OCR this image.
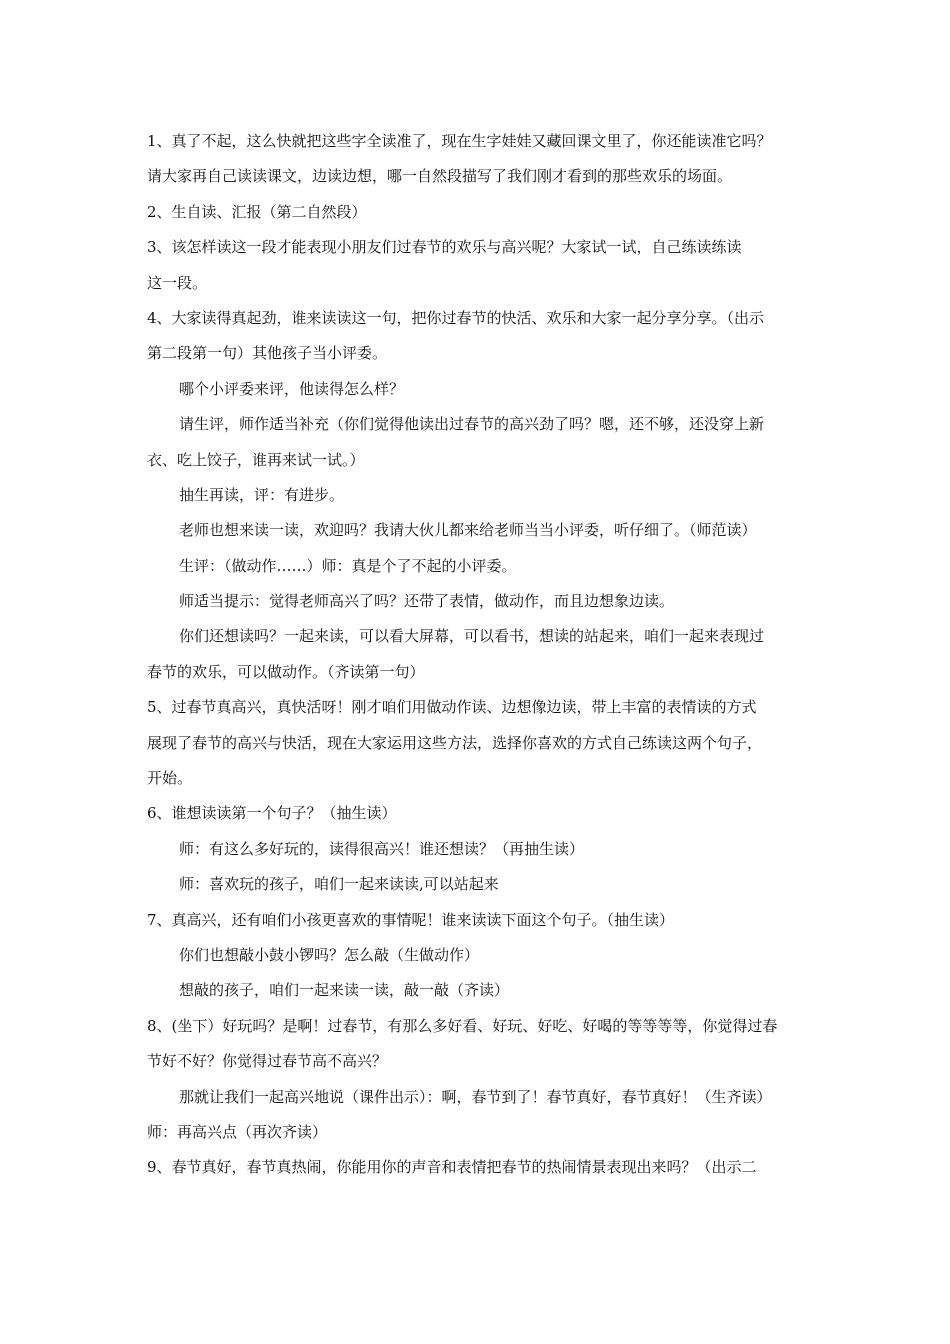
1、真了不起，这么快就把这些字全读准了，现在生字娃娃又藏回课文里了，你还能读准它吗？
请大家再自己读读课文，边读边想，哪一自然段描写了我们刚才看到的那些欢乐的场面。
2、生自读、汇报（第二自然段）
3、该怎样读这一段才能表现小朋友们过春节的欢乐与高兴呢？大家试一试，自己练读练读
这一段。
4、大家读得真起劲，谁来读读这一句，把你过春节的快活、欢乐和大家一起分享分享。（出示
第二段第一句）其他孩子当小评委。
哪个小评委来评，他读得怎么样？
请生评，师作适当补充（你们觉得他读出过春节的高兴劲了吗？嗯，还不够，还没穿上新
衣、吃上饺子，谁再来试一试。）
抽生再读，评：有进步。
老师也想来读一读，欢迎吗？我请大伙儿都来给老师当当小评委，听仔细了。（师范读）
生评：（做动作……）师：真是个了不起的小评委。
师适当提示：觉得老师高兴了吗？还带了表情，做动作，而且边想象边读。
你们还想读吗？一起来读，可以看大屏幕，可以看书，想读的站起来，咱们一起来表现过
春节的欢乐，可以做动作。（齐读第一句）
5、过春节真高兴，真快活呀！刚才咱们用做动作读、边想像边读，带上丰富的表情读的方式
展现了春节的高兴与快活，现在大家运用这些方法，选择你喜欢的方式自己练读这两个句子，
开始。
6、谁想读读第一个句子？（抽生读）
师：有这么多好玩的，读得很高兴！谁还想读？（再抽生读）
师：喜欢玩的孩子，咱们一起来读读,可以站起来
7、真高兴，还有咱们小孩更喜欢的事情呢！谁来读读下面这个句子。（抽生读）
你们也想敲小鼓小锣吗？怎么敲（生做动作）
想敲的孩子，咱们一起来读一读，敲一敲（齐读）
8、(坐下）好玩吗？是啊！过春节，有那么多好看、好玩、好吃、好喝的等等等等，你觉得过春
节好不好？你觉得过春节高不高兴？
那就让我们一起高兴地说（课件出示）：啊，春节到了！春节真好，春节真好！（生齐读）
师：再高兴点（再次齐读）
9、春节真好，春节真热闹，你能用你的声音和表情把春节的热闹情景表现出来吗？（出示二
